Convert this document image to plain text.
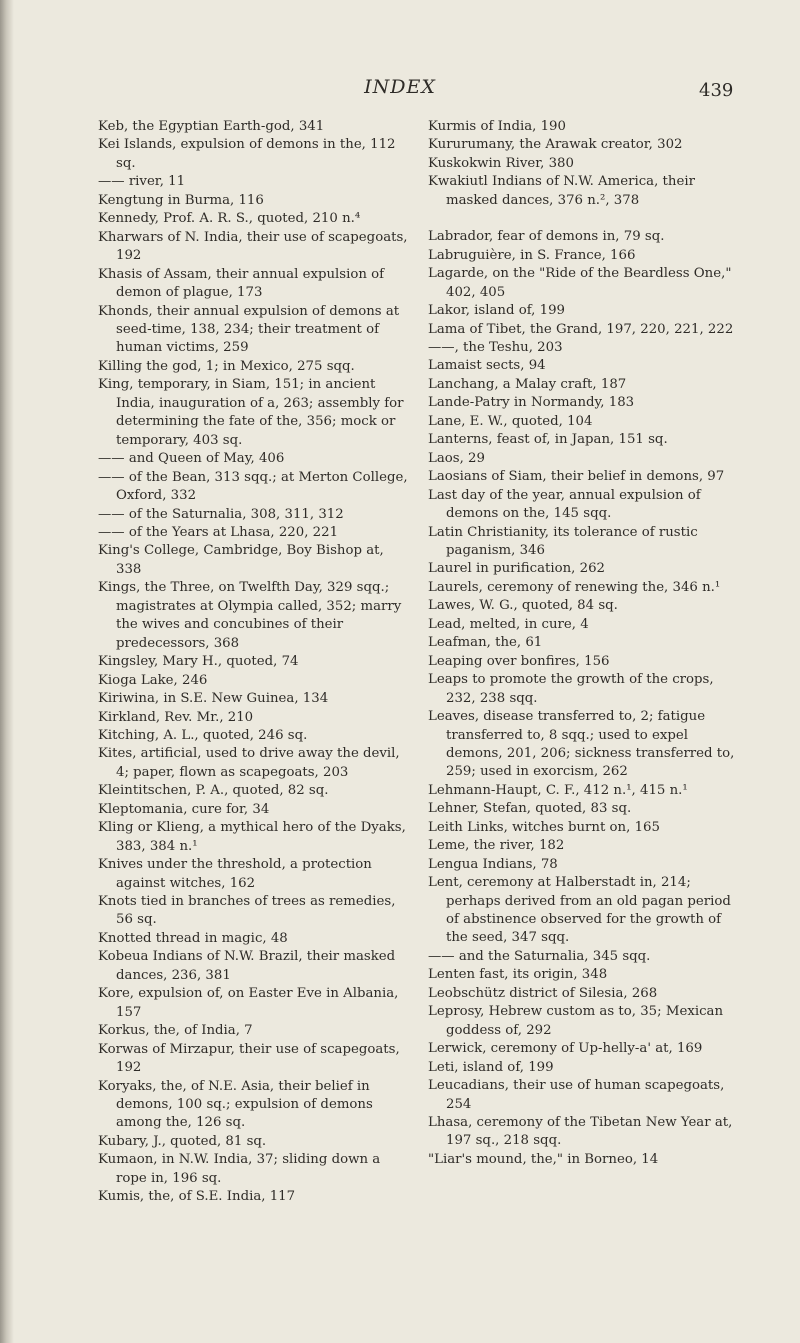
INDEX	439
Keb, the Egyptian Earth-god, 341
Kei Islands, expulsion of demons in the, 112 sq.
—— river, 11
Kengtung in Burma, 116
Kennedy, Prof. A. R. S., quoted, 210 n.⁴
Kharwars of N. India, their use of scapegoats, 192
Khasis of Assam, their annual expulsion of demon of plague, 173
Khonds, their annual expulsion of demons at seed-time, 138, 234; their treatment of human victims, 259
Killing the god, 1; in Mexico, 275 sqq.
King, temporary, in Siam, 151; in ancient India, inauguration of a, 263; assembly for determining the fate of the, 356; mock or temporary, 403 sq.
—— and Queen of May, 406
—— of the Bean, 313 sqq.; at Merton College, Oxford, 332
—— of the Saturnalia, 308, 311, 312
—— of the Years at Lhasa, 220, 221
King's College, Cambridge, Boy Bishop at, 338
Kings, the Three, on Twelfth Day, 329 sqq.; magistrates at Olympia called, 352; marry the wives and concubines of their predecessors, 368
Kingsley, Mary H., quoted, 74
Kioga Lake, 246
Kiriwina, in S.E. New Guinea, 134
Kirkland, Rev. Mr., 210
Kitching, A. L., quoted, 246 sq.
Kites, artificial, used to drive away the devil, 4; paper, flown as scapegoats, 203
Kleintitschen, P. A., quoted, 82 sq.
Kleptomania, cure for, 34
Kling or Klieng, a mythical hero of the Dyaks, 383, 384 n.¹
Knives under the threshold, a protection against witches, 162
Knots tied in branches of trees as remedies, 56 sq.
Knotted thread in magic, 48
Kobeua Indians of N.W. Brazil, their masked dances, 236, 381
Kore, expulsion of, on Easter Eve in Albania, 157
Korkus, the, of India, 7
Korwas of Mirzapur, their use of scapegoats, 192
Koryaks, the, of N.E. Asia, their belief in demons, 100 sq.; expulsion of demons among the, 126 sq.
Kubary, J., quoted, 81 sq.
Kumaon, in N.W. India, 37; sliding down a rope in, 196 sq.
Kumis, the, of S.E. India, 117
Kurmis of India, 190
Kururumany, the Arawak creator, 302
Kuskokwin River, 380
Kwakiutl Indians of N.W. America, their masked dances, 376 n.², 378
Labrador, fear of demons in, 79 sq.
Labruguière, in S. France, 166
Lagarde, on the "Ride of the Beardless One," 402, 405
Lakor, island of, 199
Lama of Tibet, the Grand, 197, 220, 221, 222
——, the Teshu, 203
Lamaist sects, 94
Lanchang, a Malay craft, 187
Lande-Patry in Normandy, 183
Lane, E. W., quoted, 104
Lanterns, feast of, in Japan, 151 sq.
Laos, 29
Laosians of Siam, their belief in demons, 97
Last day of the year, annual expulsion of demons on the, 145 sqq.
Latin Christianity, its tolerance of rustic paganism, 346
Laurel in purification, 262
Laurels, ceremony of renewing the, 346 n.¹
Lawes, W. G., quoted, 84 sq.
Lead, melted, in cure, 4
Leafman, the, 61
Leaping over bonfires, 156
Leaps to promote the growth of the crops, 232, 238 sqq.
Leaves, disease transferred to, 2; fatigue transferred to, 8 sqq.; used to expel demons, 201, 206; sickness transferred to, 259; used in exorcism, 262
Lehmann-Haupt, C. F., 412 n.¹, 415 n.¹
Lehner, Stefan, quoted, 83 sq.
Leith Links, witches burnt on, 165
Leme, the river, 182
Lengua Indians, 78
Lent, ceremony at Halberstadt in, 214; perhaps derived from an old pagan period of abstinence observed for the growth of the seed, 347 sqq.
—— and the Saturnalia, 345 sqq.
Lenten fast, its origin, 348
Leobschütz district of Silesia, 268
Leprosy, Hebrew custom as to, 35; Mexican goddess of, 292
Lerwick, ceremony of Up-helly-a' at, 169
Leti, island of, 199
Leucadians, their use of human scapegoats, 254
Lhasa, ceremony of the Tibetan New Year at, 197 sq., 218 sqq.
"Liar's mound, the," in Borneo, 14
